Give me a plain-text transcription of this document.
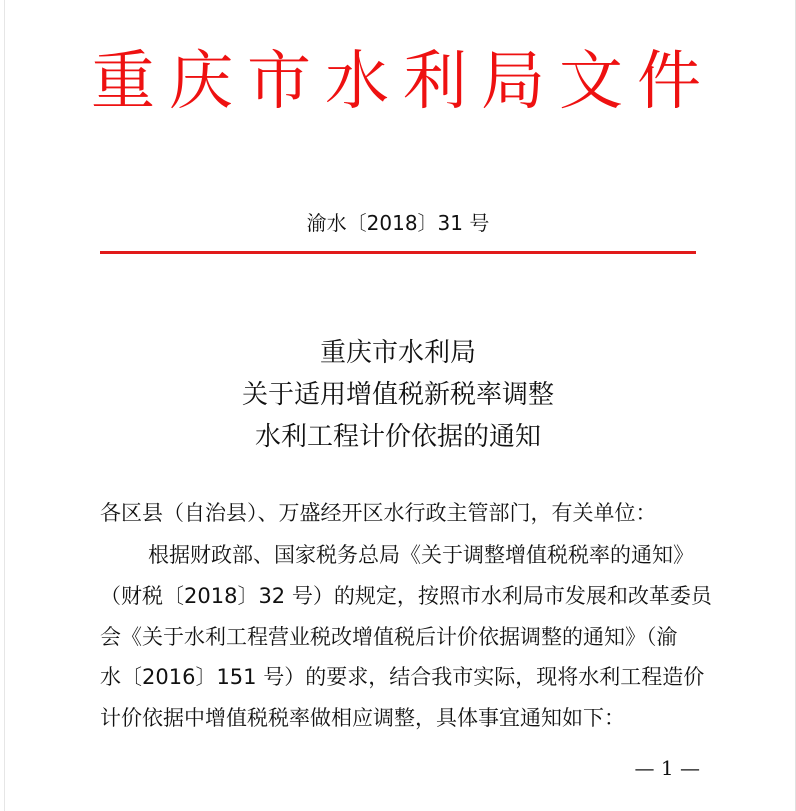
重庆市水利局文件
渝水〔2018〕31 号
重庆市水利局
关于适用增值税新税率调整
水利工程计价依据的通知
各区县（自治县）、万盛经开区水行政主管部门，有关单位：
根据财政部、国家税务总局《关于调整增值税税率的通知》
（财税〔2018〕32 号）的规定，按照市水利局市发展和改革委员
会《关于水利工程营业税改增值税后计价依据调整的通知》（渝
水〔2016〕151 号）的要求，结合我市实际，现将水利工程造价
计价依据中增值税税率做相应调整，具体事宜通知如下：
— 1 —
